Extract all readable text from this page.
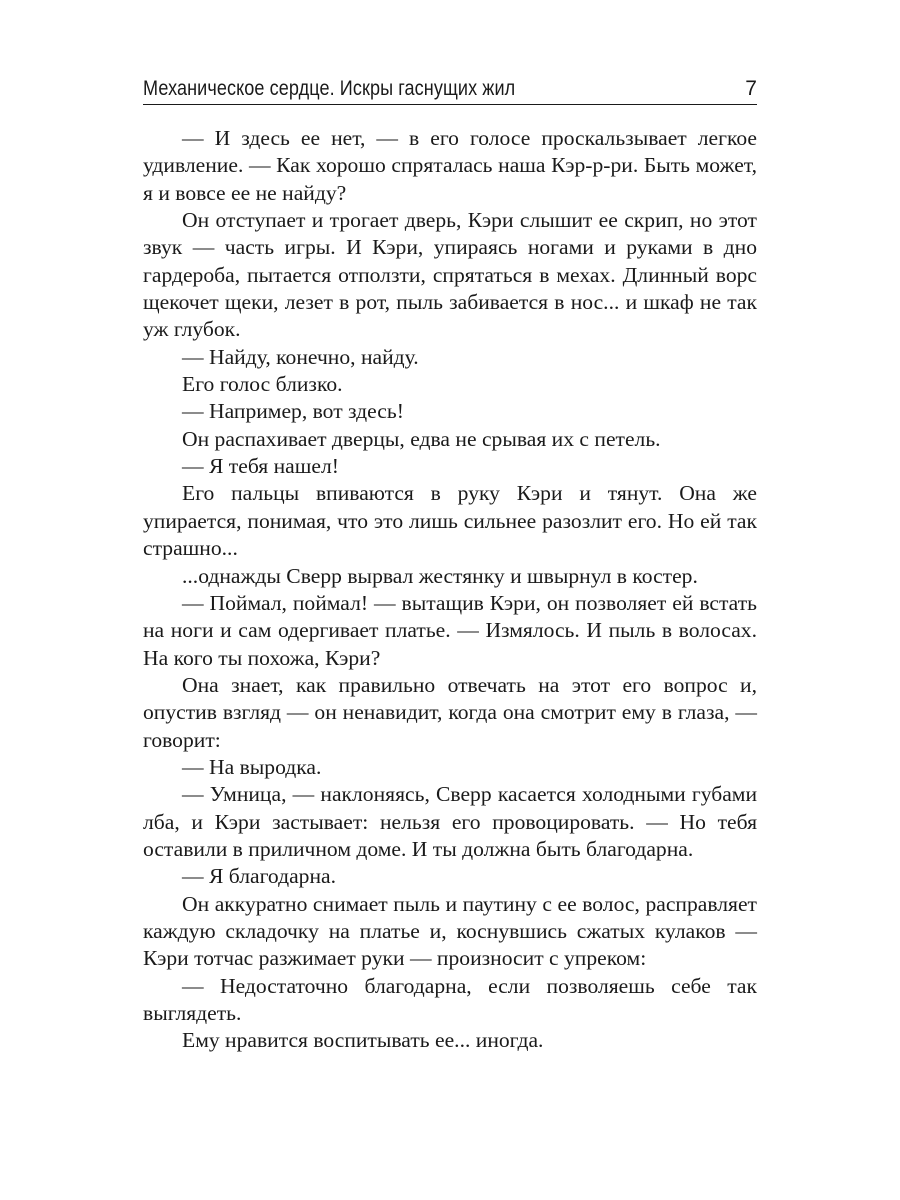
Механическое сердце. Искры гаснущих жил	7

— И здесь ее нет, — в его голосе проскальзывает легкое удивление. — Как хорошо спряталась наша Кэр-р-ри. Быть может, я и вовсе ее не найду?

Он отступает и трогает дверь, Кэри слышит ее скрип, но этот звук — часть игры. И Кэри, упираясь ногами и руками в дно гардероба, пытается отползти, спрятаться в мехах. Длинный ворс щекочет щеки, лезет в рот, пыль забивается в нос... и шкаф не так уж глубок.

— Найду, конечно, найду.

Его голос близко.

— Например, вот здесь!

Он распахивает дверцы, едва не срывая их с петель.

— Я тебя нашел!

Его пальцы впиваются в руку Кэри и тянут. Она же упирается, понимая, что это лишь сильнее разозлит его. Но ей так страшно...

...однажды Сверр вырвал жестянку и швырнул в костер.

— Поймал, поймал! — вытащив Кэри, он позволяет ей встать на ноги и сам одергивает платье. — Измялось. И пыль в волосах. На кого ты похожа, Кэри?

Она знает, как правильно отвечать на этот его вопрос и, опустив взгляд — он ненавидит, когда она смотрит ему в глаза, — говорит:

— На выродка.

— Умница, — наклоняясь, Сверр касается холодными губами лба, и Кэри застывает: нельзя его провоцировать. — Но тебя оставили в приличном доме. И ты должна быть благодарна.

— Я благодарна.

Он аккуратно снимает пыль и паутину с ее волос, расправляет каждую складочку на платье и, коснувшись сжатых кулаков — Кэри тотчас разжимает руки — произносит с упреком:

— Недостаточно благодарна, если позволяешь себе так выглядеть.

Ему нравится воспитывать ее... иногда.
